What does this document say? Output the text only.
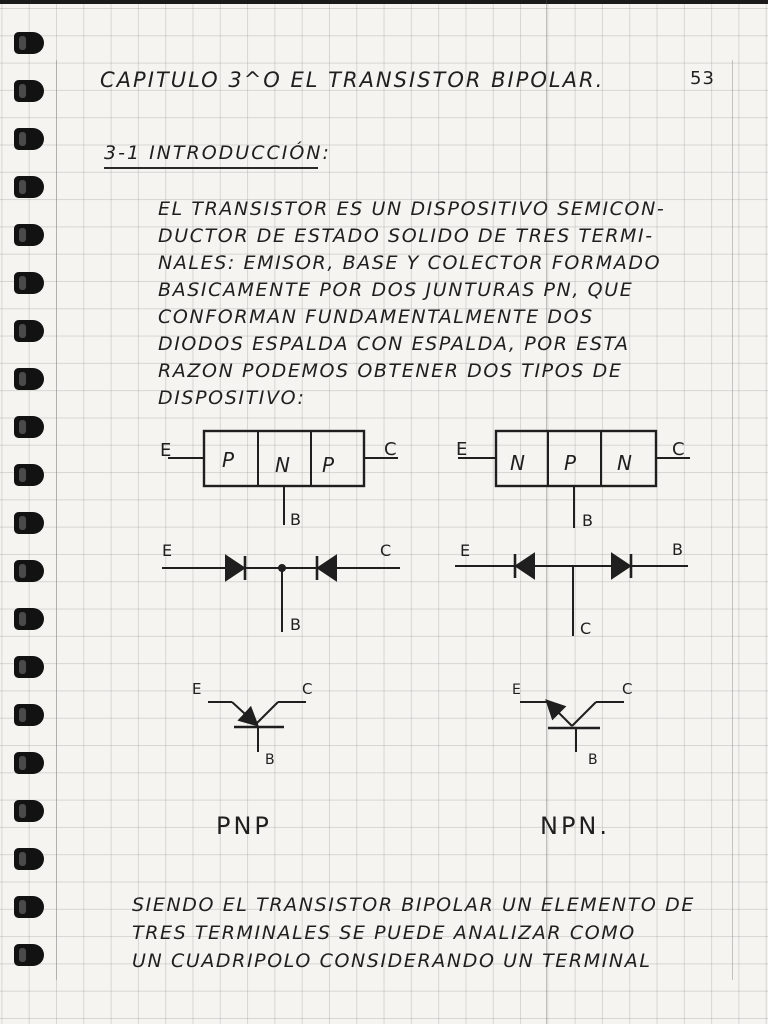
CAPITULO 3^O EL TRANSISTOR BIPOLAR.	53
3-1 INTRODUCCIÓN:
EL TRANSISTOR ES UN DISPOSITIVO SEMICON-
DUCTOR DE ESTADO SOLIDO DE TRES TERMI-
NALES: EMISOR, BASE Y COLECTOR FORMADO
BASICAMENTE POR DOS JUNTURAS PN, QUE
CONFORMAN FUNDAMENTALMENTE DOS
DIODOS ESPALDA CON ESPALDA, POR ESTA
RAZON PODEMOS OBTENER DOS TIPOS DE
DISPOSITIVO:
P N P
E	C
B
N P N
E	C
B
E	C
B
E	B
C
E	C
B
E	C
B
PNP	NPN.
SIENDO EL TRANSISTOR BIPOLAR UN ELEMENTO DE
TRES TERMINALES SE PUEDE ANALIZAR COMO
UN CUADRIPOLO CONSIDERANDO UN TERMINAL
